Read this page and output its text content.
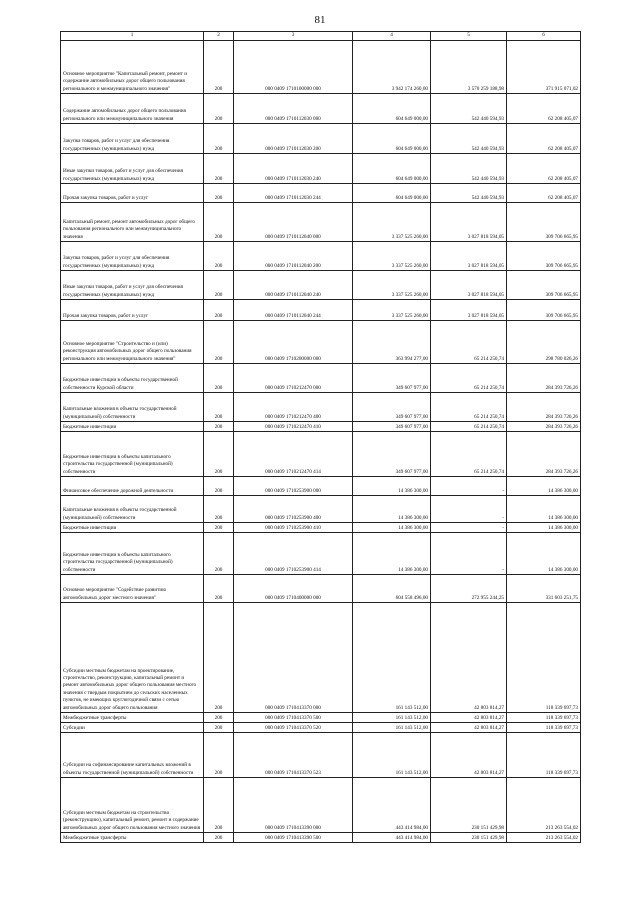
81
1	2	3	4	5	6
Основное мероприятие "Капитальный ремонт, ремонт и содержание автомобильных дорог общего пользования регионального и межмуниципального значения"	200	000 0409 1710100000 000	3 942 174 260,00	3 570 259 188,98	371 915 071,02
Содержание автомобильных дорог общего пользования регионального или межмуниципального значения	200	000 0409 1710112030 000	604 649 000,00	542 440 594,93	62 208 405,07
Закупка товаров, работ и услуг для обеспечения государственных (муниципальных) нужд	200	000 0409 1710112030 200	604 649 000,00	542 440 594,93	62 208 405,07
Иные закупки товаров, работ и услуг для обеспечения государственных (муниципальных) нужд	200	000 0409 1710112030 240	604 649 000,00	542 440 594,93	62 208 405,07
Прочая закупка товаров, работ и услуг	200	000 0409 1710112030 244	604 649 000,00	542 440 594,93	62 208 405,07
Капитальный ремонт, ремонт автомобильных дорог общего пользования регионального или межмуниципального значения	200	000 0409 1710112040 000	3 337 525 260,00	3 027 818 594,05	309 706 665,95
Закупка товаров, работ и услуг для обеспечения государственных (муниципальных) нужд	200	000 0409 1710112040 200	3 337 525 260,00	3 027 818 594,05	309 706 665,95
Иные закупки товаров, работ и услуг для обеспечения государственных (муниципальных) нужд	200	000 0409 1710112040 240	3 337 525 260,00	3 027 818 594,05	309 706 665,95
Прочая закупка товаров, работ и услуг	200	000 0409 1710112040 244	3 337 525 260,00	3 027 818 594,05	309 706 665,95
Основное мероприятие "Строительство и (или) реконструкция автомобильных дорог общего пользования регионального или межмуниципального значения"	200	000 0409 1710200000 000	363 994 277,00	65 214 250,74	298 780 026,26
Бюджетные инвестиции в объекты государственной собственности Курской области	200	000 0409 1710212470 000	349 607 977,00	65 214 250,74	284 393 726,26
Капитальные вложения в объекты государственной (муниципальной) собственности	200	000 0409 1710212470 400	349 607 977,00	65 214 250,74	284 393 726,26
Бюджетные инвестиции	200	000 0409 1710212470 410	349 607 977,00	65 214 250,74	284 393 726,26
Бюджетные инвестиции в объекты капитального строительства государственной (муниципальной) собственности	200	000 0409 1710212470 414	349 607 977,00	65 214 250,74	284 393 726,26
Финансовое обеспечение дорожной деятельности	200	000 0409 1710253900 000	14 386 300,00	-	14 386 300,00
Капитальные вложения в объекты государственной (муниципальной) собственности	200	000 0409 1710253900 400	14 386 300,00	-	14 386 300,00
Бюджетные инвестиции	200	000 0409 1710253900 410	14 386 300,00	-	14 386 300,00
Бюджетные инвестиции в объекты капитального строительства государственной (муниципальной) собственности	200	000 0409 1710253900 414	14 386 300,00	-	14 386 300,00
Основное мероприятие "Содействие развитию автомобильных дорог местного значения"	200	000 0409 1710400000 000	604 558 496,00	272 955 244,25	331 603 251,75
Субсидии местным бюджетам на проектирование, строительство, реконструкцию, капитальный ремонт и ремонт автомобильных дорог общего пользования местного значения с твердым покрытием до сельских населенных пунктов, не имеющих круглогодичной связи с сетью автомобильных дорог общего пользования	200	000 0409 1710413370 000	161 143 512,00	42 803 814,27	118 339 697,73
Межбюджетные трансферты	200	000 0409 1710413370 500	161 143 512,00	42 803 814,27	118 339 697,73
Субсидии	200	000 0409 1710413370 520	161 143 512,00	42 803 814,27	118 339 697,73
Субсидии на софинансирование капитальных вложений в объекты государственной (муниципальной) собственности	200	000 0409 1710413370 523	161 143 512,00	42 803 814,27	118 339 697,73
Субсидии местным бюджетам на строительство (реконструкцию), капитальный ремонт, ремонт и содержание автомобильных дорог общего пользования местного значения	200	000 0409 1710413390 000	443 414 984,00	230 151 429,98	213 263 554,02
Межбюджетные трансферты	200	000 0409 1710413390 500	443 414 984,00	230 151 429,98	213 263 554,02
